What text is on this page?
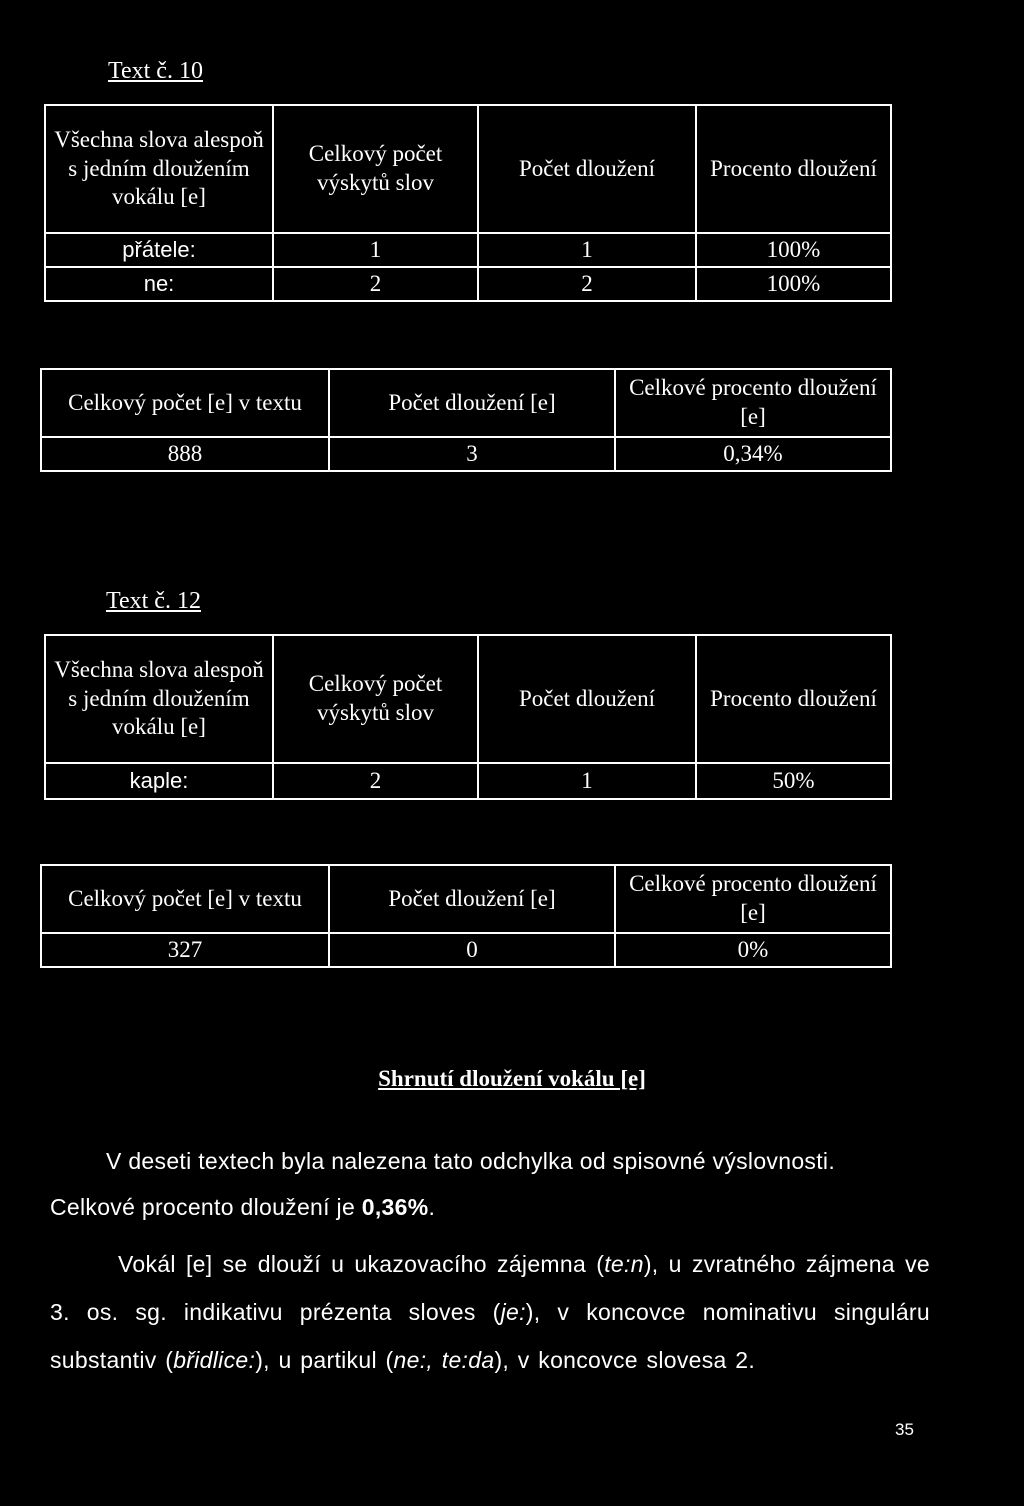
Text č. 10
Všechna slova alespoň s jedním dloužením vokálu [e]	Celkový počet výskytů slov	Počet dloužení	Procento dloužení
přátele:	1	1	100%
ne:	2	2	100%
Celkový počet [e] v textu	Počet dloužení [e]	Celkové procento dloužení [e]
888	3	0,34%
Text č. 12
Všechna slova alespoň s jedním dloužením vokálu [e]	Celkový počet výskytů slov	Počet dloužení	Procento dloužení
kaple:	2	1	50%
Celkový počet [e] v textu	Počet dloužení [e]	Celkové procento dloužení [e]
327	0	0%
Shrnutí dloužení vokálu [e]
V deseti textech byla nalezena tato odchylka od spisovné výslovnosti.
Celkové procento dloužení je 0,36%.
Vokál [e] se dlouží u ukazovacího zájemna (te:n), u zvratného zájmena ve 3. os. sg. indikativu prézenta sloves (je:), v koncovce nominativu singuláru substantiv (břidlice:), u partikul (ne:, te:da), v koncovce slovesa 2.
35
